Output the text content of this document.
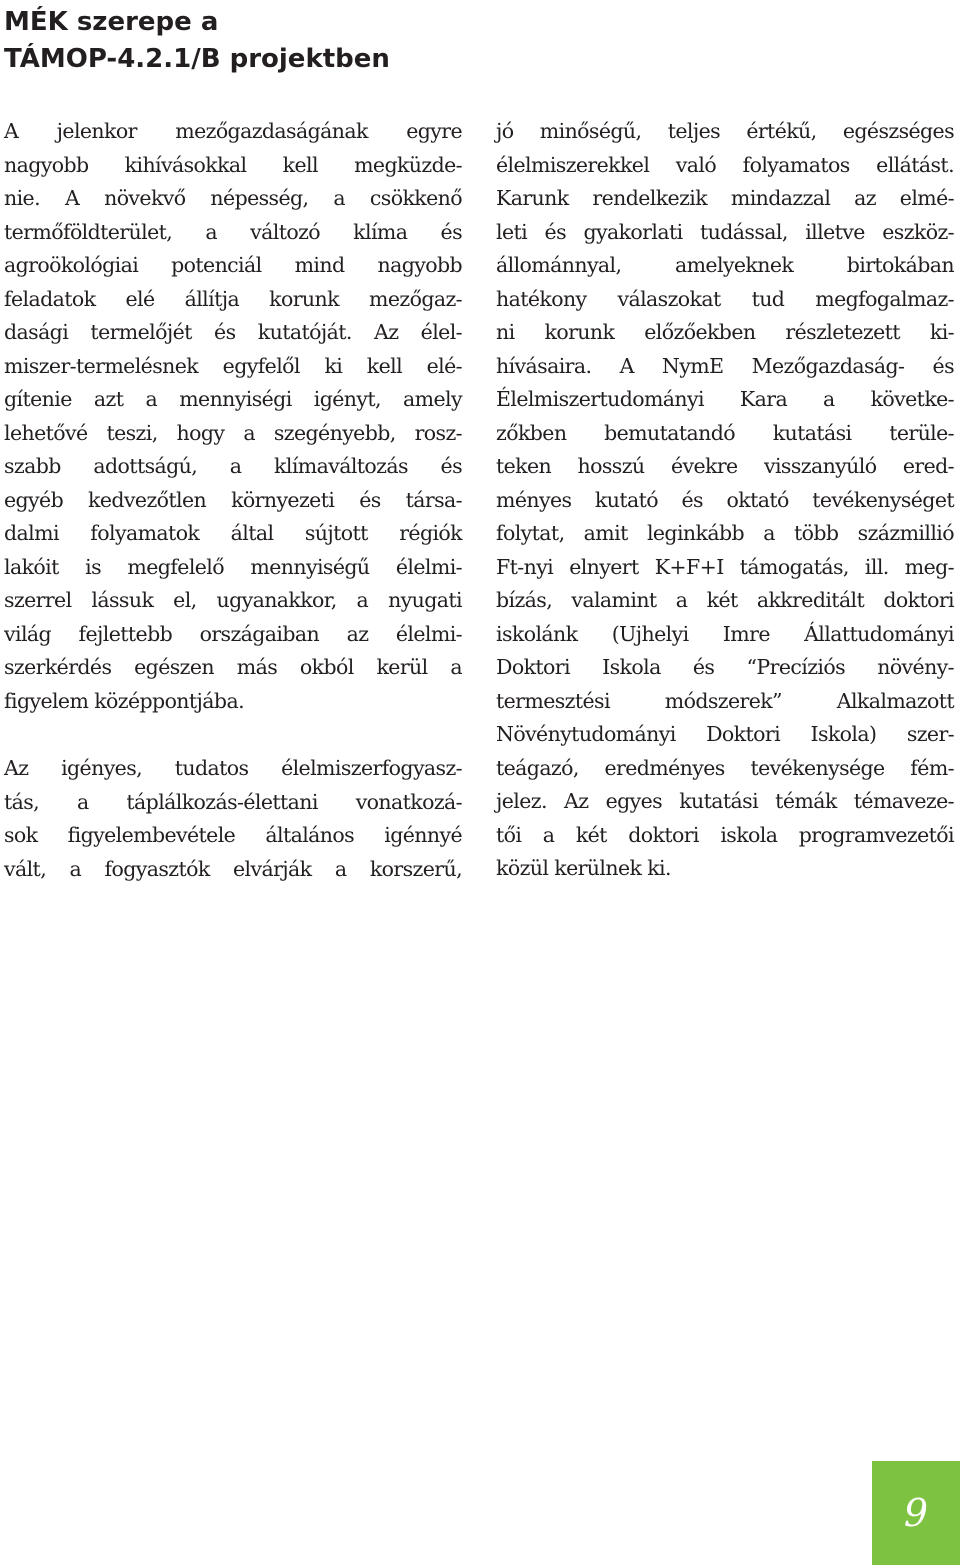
MÉK szerepe a
TÁMOP-4.2.1/B projektben
A jelenkor mezőgazdaságának egyre
nagyobb kihívásokkal kell megküzde-
nie. A növekvő népesség, a csökkenő
termőföldterület, a változó klíma és
agroökológiai potenciál mind nagyobb
feladatok elé állítja korunk mezőgaz-
dasági termelőjét és kutatóját. Az élel-
miszer-termelésnek egyfelől ki kell elé-
gítenie azt a mennyiségi igényt, amely
lehetővé teszi, hogy a szegényebb, rosz-
szabb adottságú, a klímaváltozás és
egyéb kedvezőtlen környezeti és társa-
dalmi folyamatok által sújtott régiók
lakóit is megfelelő mennyiségű élelmi-
szerrel lássuk el, ugyanakkor, a nyugati
világ fejlettebb országaiban az élelmi-
szerkérdés egészen más okból kerül a
figyelem középpontjába.
Az igényes, tudatos élelmiszerfogyasz-
tás, a táplálkozás-élettani vonatkozá-
sok figyelembevétele általános igénnyé
vált, a fogyasztók elvárják a korszerű,
jó minőségű, teljes értékű, egészséges
élelmiszerekkel való folyamatos ellátást.
Karunk rendelkezik mindazzal az elmé-
leti és gyakorlati tudással, illetve eszköz-
állománnyal, amelyeknek birtokában
hatékony válaszokat tud megfogalmaz-
ni korunk előzőekben részletezett ki-
hívásaira. A NymE Mezőgazdaság- és
Élelmiszertudományi Kara a követke-
zőkben bemutatandó kutatási terüle-
teken hosszú évekre visszanyúló ered-
ményes kutató és oktató tevékenységet
folytat, amit leginkább a több százmillió
Ft-nyi elnyert K+F+I támogatás, ill. meg-
bízás, valamint a két akkreditált doktori
iskolánk (Ujhelyi Imre Állattudományi
Doktori Iskola és “Precíziós növény-
termesztési módszerek” Alkalmazott
Növénytudományi Doktori Iskola) szer-
teágazó, eredményes tevékenysége fém-
jelez. Az egyes kutatási témák témaveze-
tői a két doktori iskola programvezetői
közül kerülnek ki.
9
